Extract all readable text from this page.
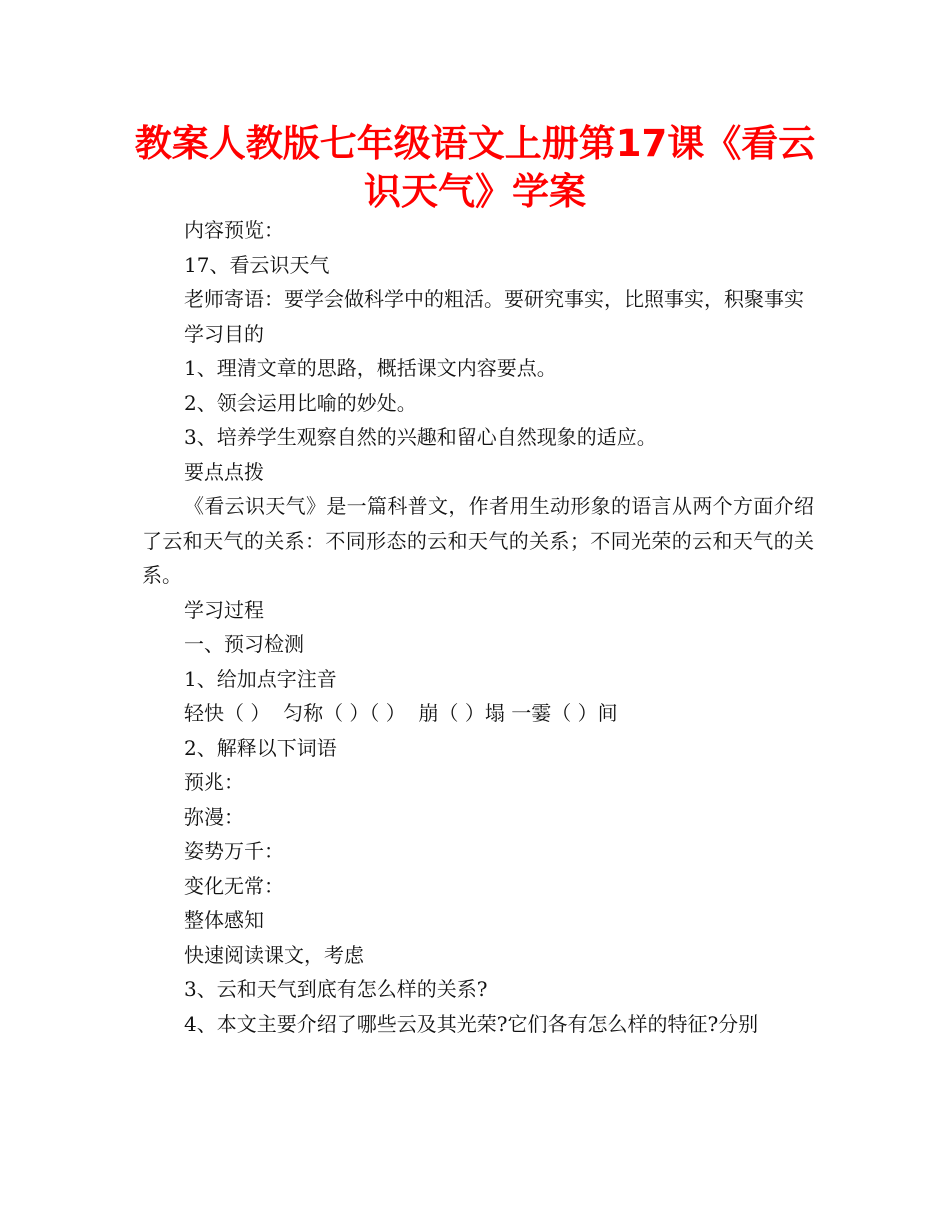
教案人教版七年级语文上册第17课《看云识天气》学案

内容预览：

17、看云识天气

老师寄语：要学会做科学中的粗活。要研究事实，比照事实，积聚事实

学习目的

1、理清文章的思路，概括课文内容要点。

2、领会运用比喻的妙处。

3、培养学生观察自然的兴趣和留心自然现象的适应。

要点点拨

《看云识天气》是一篇科普文，作者用生动形象的语言从两个方面介绍了云和天气的关系：不同形态的云和天气的关系；不同光荣的云和天气的关系。

学习过程

一、预习检测

1、给加点字注音

轻快（ ）  匀称（ ）（ ）  崩（ ）塌 一霎（ ）间

2、解释以下词语

预兆：

弥漫：

姿势万千：

变化无常：

整体感知

快速阅读课文，考虑

3、云和天气到底有怎么样的关系?

4、本文主要介绍了哪些云及其光荣?它们各有怎么样的特征?分别
